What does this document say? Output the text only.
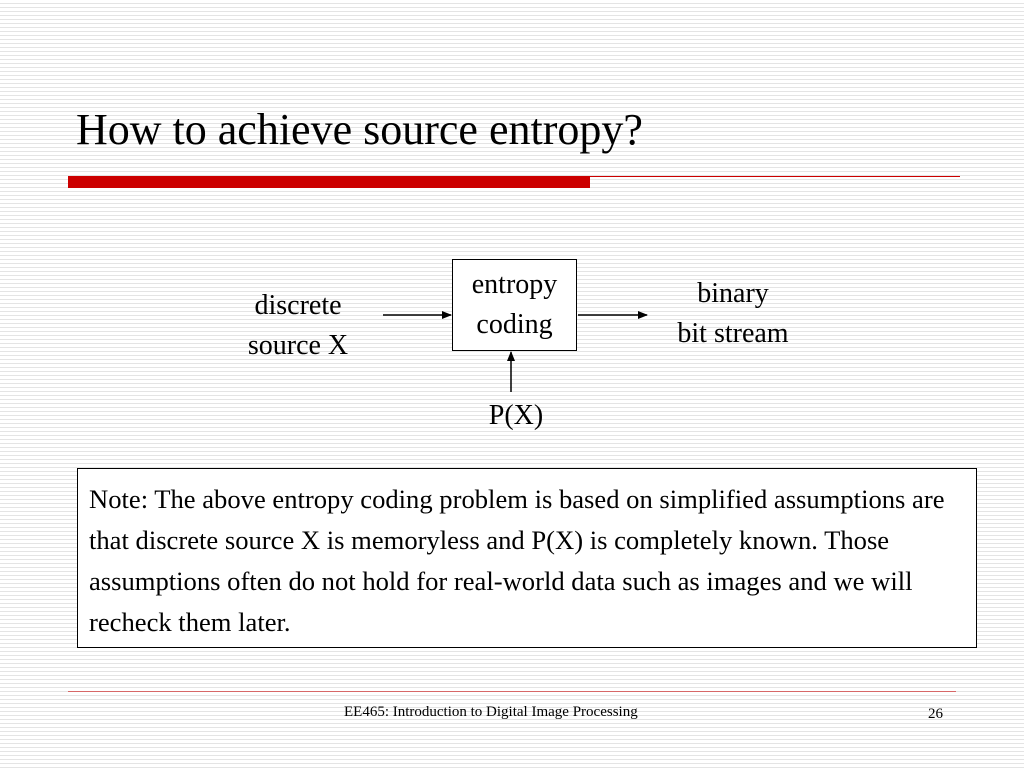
How to achieve source entropy?
discrete
source X
entropy
coding
binary
bit stream
P(X)
Note: The above entropy coding problem is based on simplified assumptions are that discrete source X is memoryless and P(X) is completely known. Those assumptions often do not hold for real-world data such as images and we will recheck them later.
EE465: Introduction to Digital Image Processing	26
